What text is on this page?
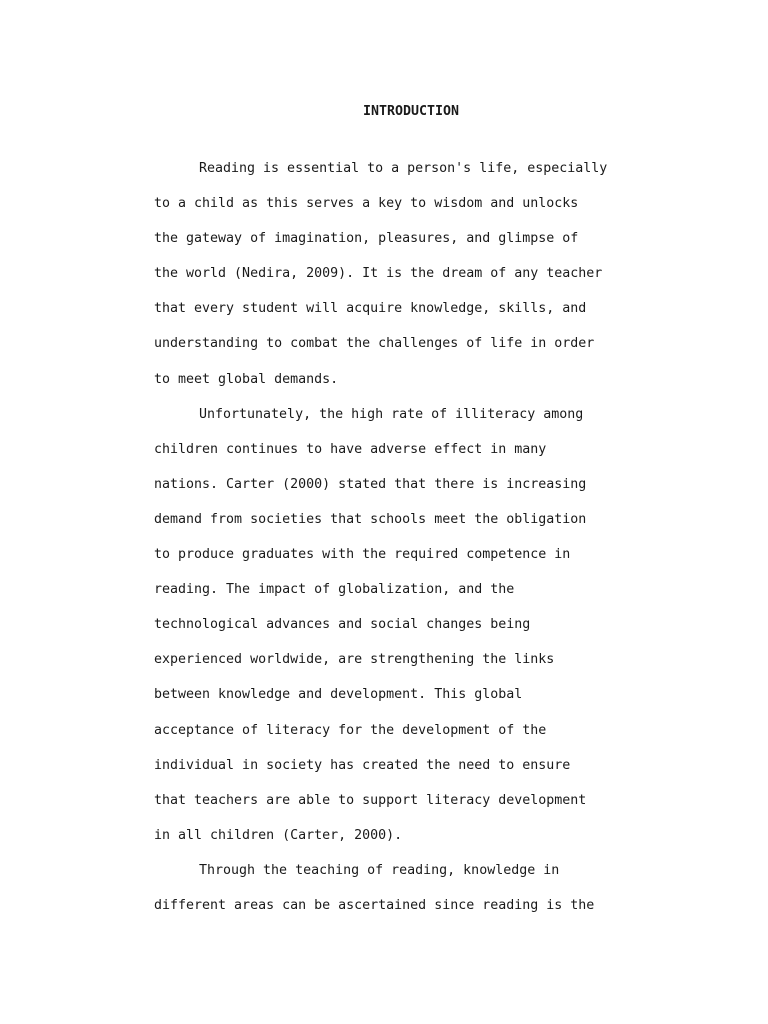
INTRODUCTION
Reading is essential to a person's life, especially
to a child as this serves a key to wisdom and unlocks
the gateway of imagination, pleasures, and glimpse of
the world (Nedira, 2009). It is the dream of any teacher
that every student will acquire knowledge, skills, and
understanding to combat the challenges of life in order
to meet global demands.
Unfortunately, the high rate of illiteracy among
children continues to have adverse effect in many
nations. Carter (2000) stated that there is increasing
demand from societies that schools meet the obligation
to produce graduates with the required competence in
reading. The impact of globalization, and the
technological advances and social changes being
experienced worldwide, are strengthening the links
between knowledge and development. This global
acceptance of literacy for the development of the
individual in society has created the need to ensure
that teachers are able to support literacy development
in all children (Carter, 2000).
Through the teaching of reading, knowledge in
different areas can be ascertained since reading is the
